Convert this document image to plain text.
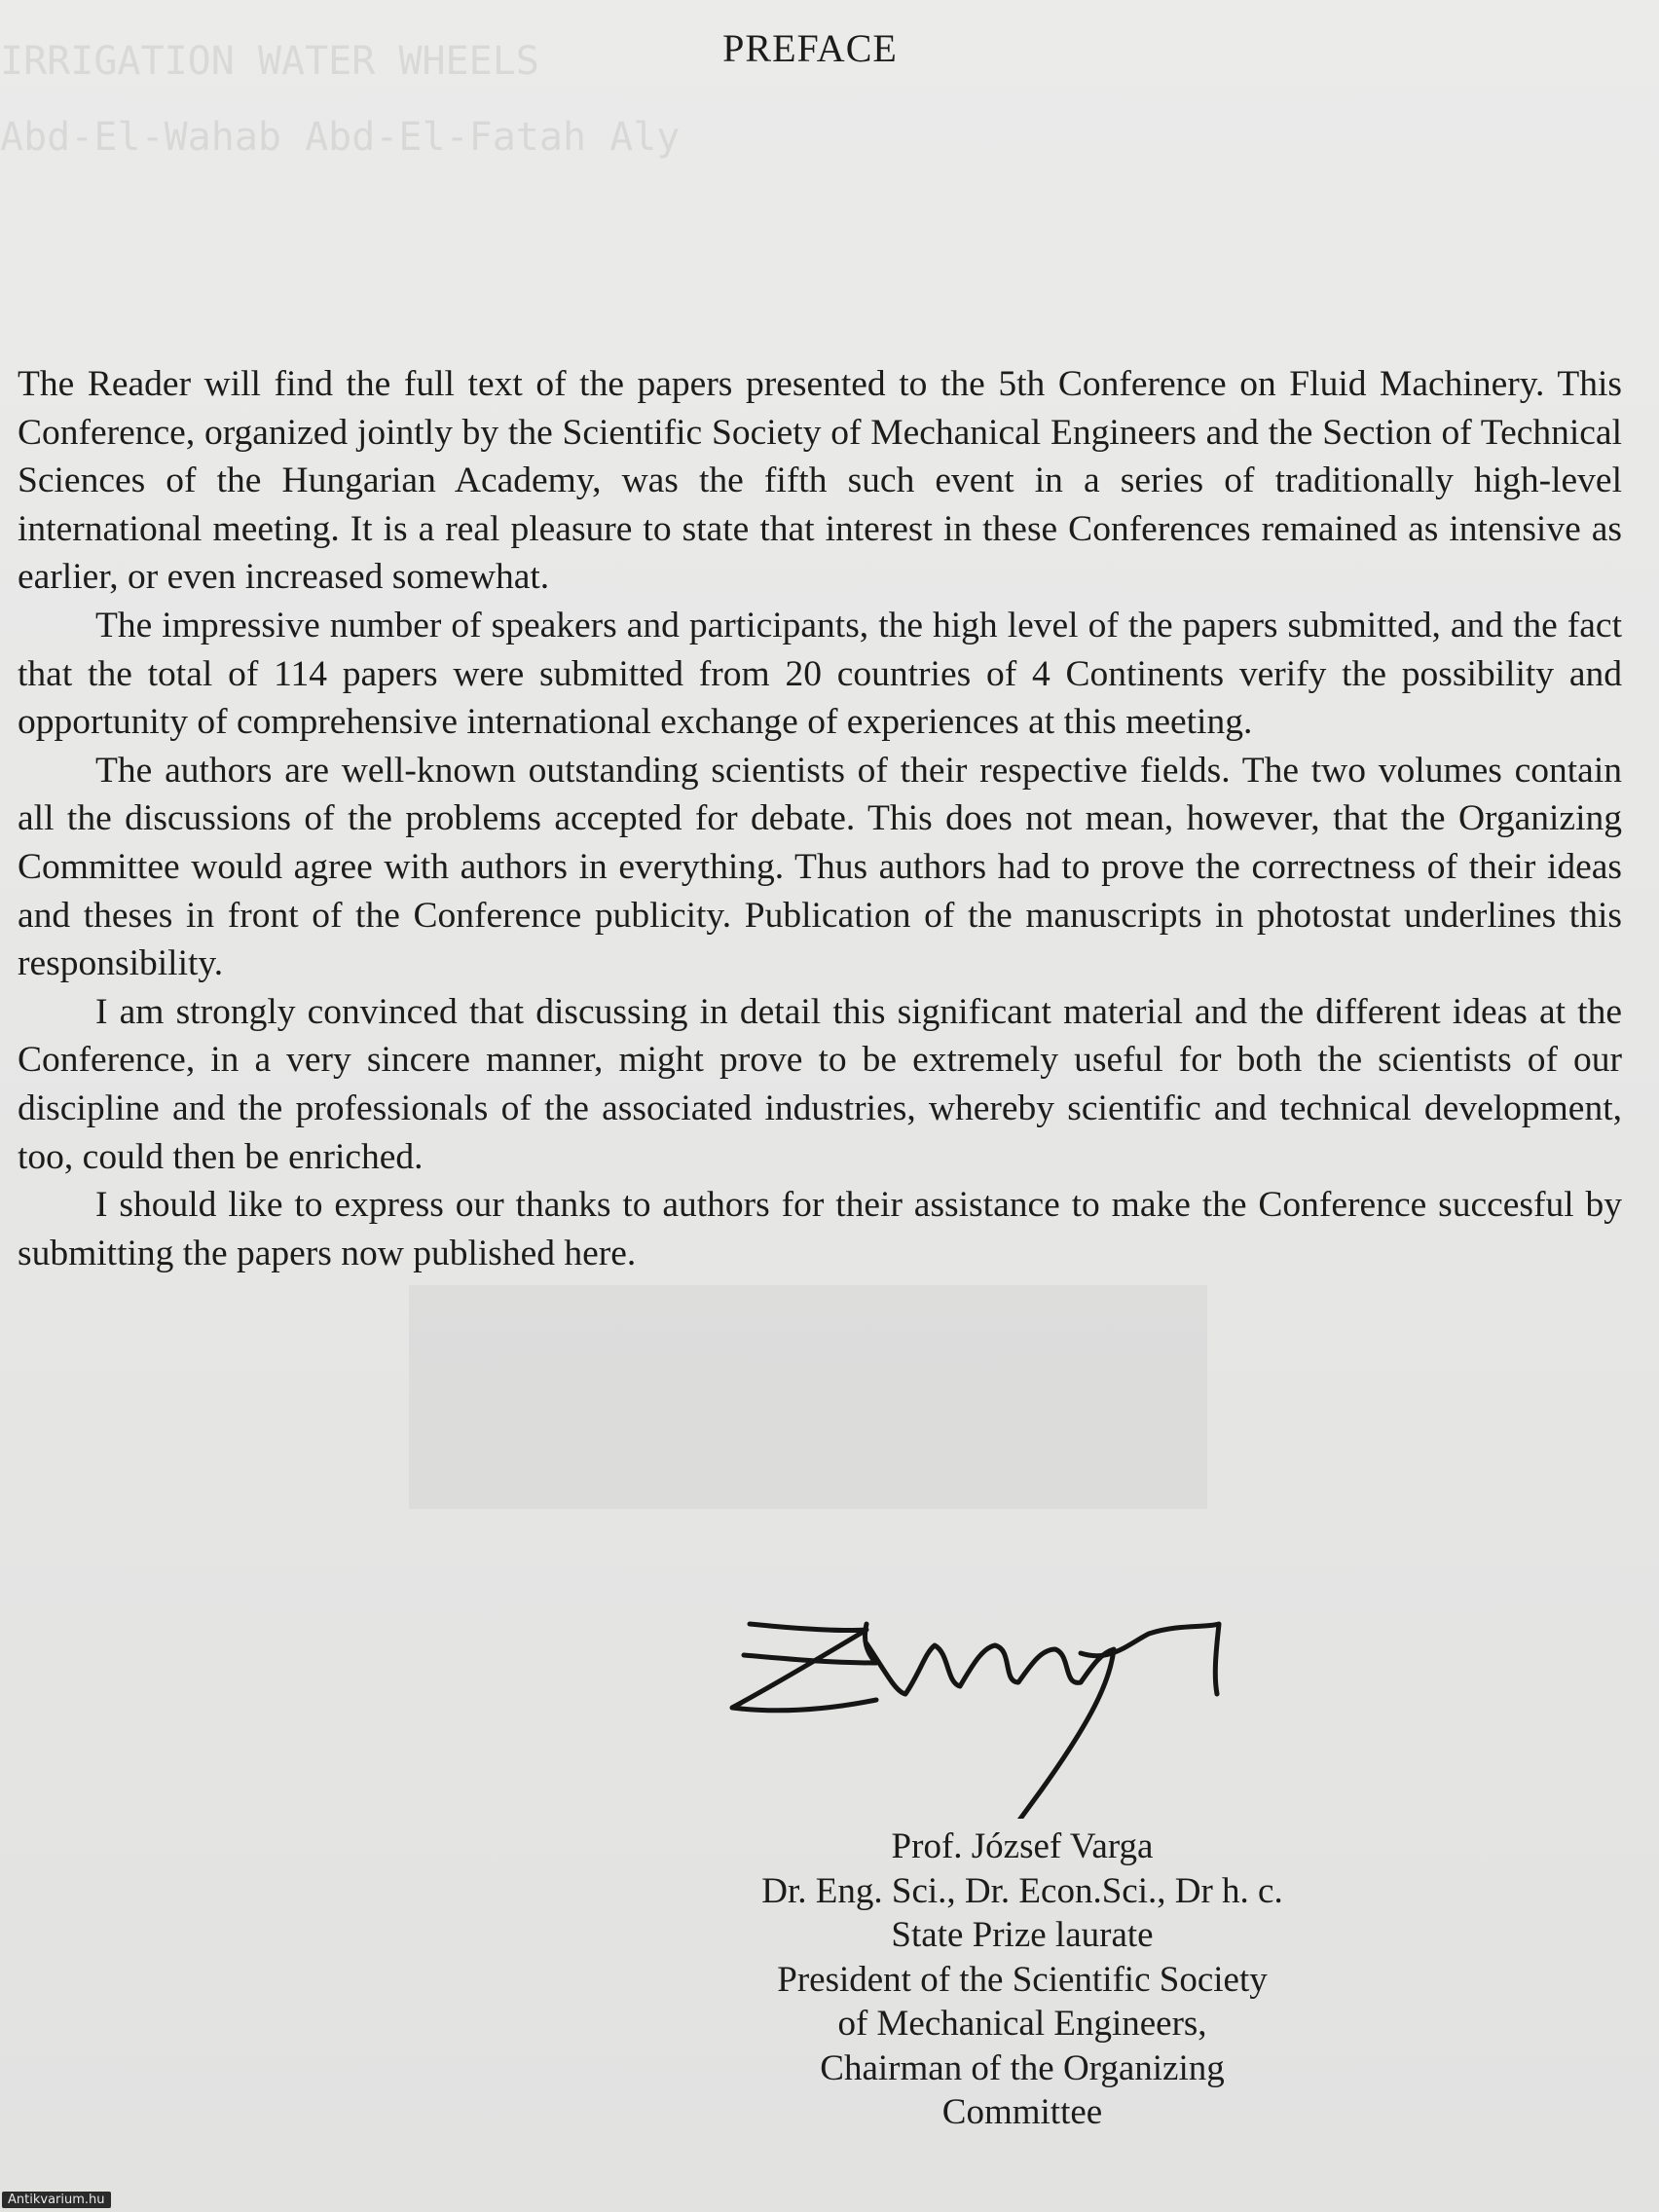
IRRIGATION WATER WHEELS
Abd-El-Wahab Abd-El-Fatah Aly
PREFACE

The Reader will find the full text of the papers presented to the 5th Conference on Fluid Machinery. This Conference, organized jointly by the Scientific Society of Mechanical Engineers and the Section of Technical Sciences of the Hungarian Academy, was the fifth such event in a series of traditionally high-level international meeting. It is a real pleasure to state that interest in these Conferences remained as intensive as earlier, or even increased somewhat.

The impressive number of speakers and participants, the high level of the papers submitted, and the fact that the total of 114 papers were submitted from 20 countries of 4 Continents verify the possibility and opportunity of comprehensive international exchange of experiences at this meeting.

The authors are well-known outstanding scientists of their respective fields. The two volumes contain all the discussions of the problems accepted for debate. This does not mean, however, that the Organizing Committee would agree with authors in everything. Thus authors had to prove the correctness of their ideas and theses in front of the Conference publicity. Publication of the manuscripts in photostat underlines this responsibility.

I am strongly convinced that discussing in detail this significant material and the different ideas at the Conference, in a very sincere manner, might prove to be extremely useful for both the scientists of our discipline and the professionals of the associated industries, whereby scientific and technical development, too, could then be enriched.

I should like to express our thanks to authors for their assistance to make the Conference succesful by submitting the papers now published here.

Prof. József Varga
Dr. Eng. Sci., Dr. Econ.Sci., Dr h. c.
State Prize laurate
President of the Scientific Society
of Mechanical Engineers,
Chairman of the Organizing
Committee
Antikvarium.hu
